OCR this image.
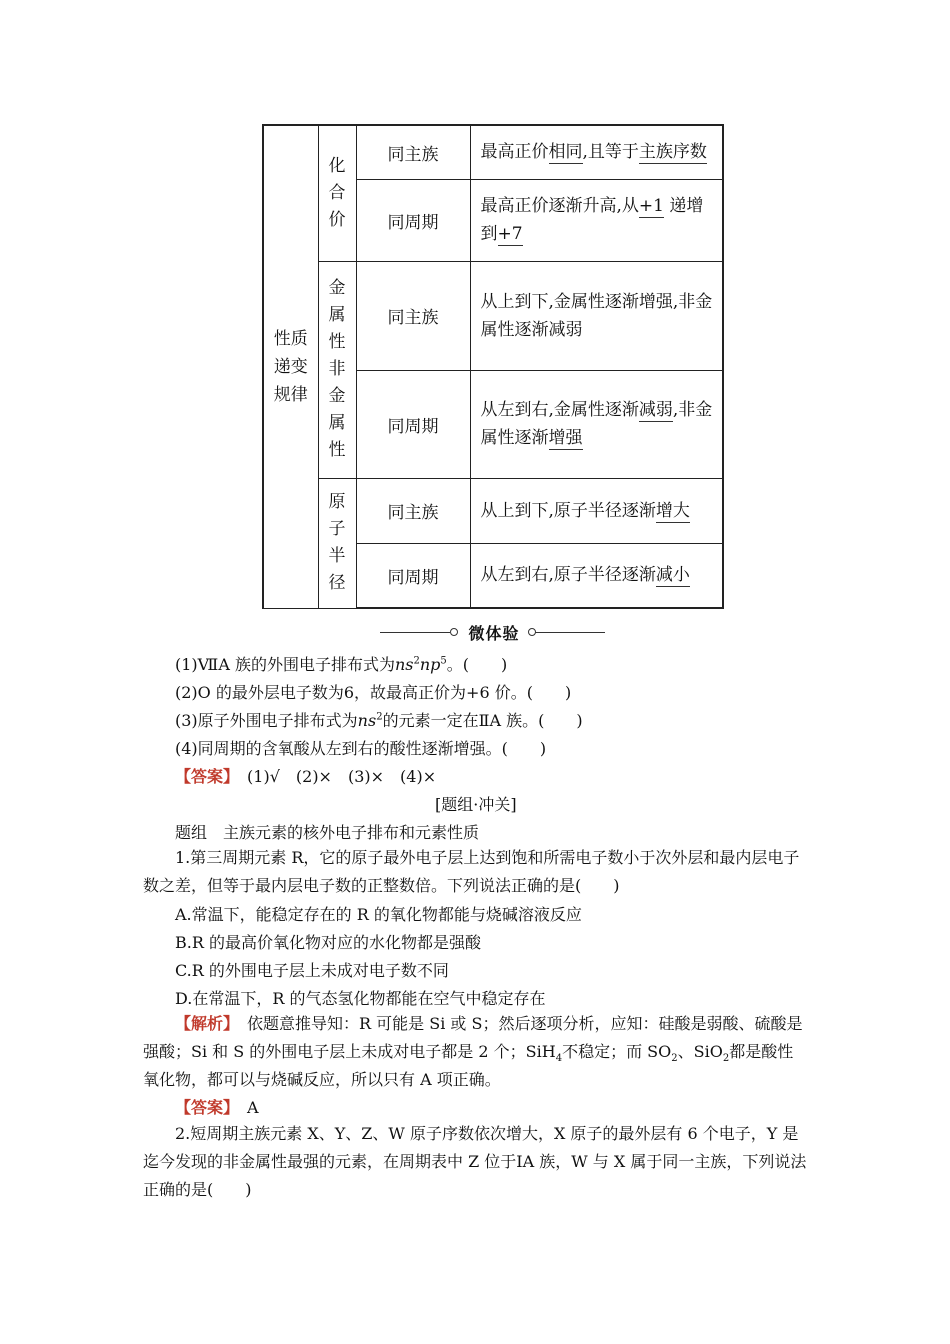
性质递变规律	化合价	同主族	最高正价相同,且等于主族序数
		同周期	最高正价逐渐升高,从+1 递增到+7
	金属性非金属性	同主族	从上到下,金属性逐渐增强,非金属性逐渐减弱
		同周期	从左到右,金属性逐渐减弱,非金属性逐渐增强
	原子半径	同主族	从上到下,原子半径逐渐增大
		同周期	从左到右,原子半径逐渐减小
微体验
(1)ⅦA 族的外围电子排布式为$ns^2np^5$。(　　)
(2)O 的最外层电子数为6，故最高正价为+6 价。(　　)
(3)原子外围电子排布式为$ns^2$的元素一定在ⅡA 族。(　　)
(4)同周期的含氧酸从左到右的酸性逐渐增强。(　　)
【答案】　 (1)√　(2)×　(3)×　(4)×
[题组·冲关]
题组　主族元素的核外电子排布和元素性质
1.第三周期元素 R，它的原子最外电子层上达到饱和所需电子数小于次外层和最内层电子数之差，但等于最内层电子数的正整数倍。下列说法正确的是(　　)
A.常温下，能稳定存在的 R 的氧化物都能与烧碱溶液反应
B.R 的最高价氧化物对应的水化物都是强酸
C.R 的外围电子层上未成对电子数不同
D.在常温下，R 的气态氢化物都能在空气中稳定存在
【解析】　依题意推导知：R 可能是 Si 或 S；然后逐项分析，应知：硅酸是弱酸、硫酸是强酸；Si 和 S 的外围电子层上未成对电子都是 2 个；SiH$_4$不稳定；而 $SO_2$、SiO$_2$都是酸性氧化物，都可以与烧碱反应，所以只有 A 项正确。
【答案】　A
2.短周期主族元素 X、Y、Z、W 原子序数依次增大，X 原子的最外层有 6 个电子，Y 是迄今发现的非金属性最强的元素，在周期表中 Z 位于ⅠA 族，W 与 X 属于同一主族，下列说法正确的是(　　)
